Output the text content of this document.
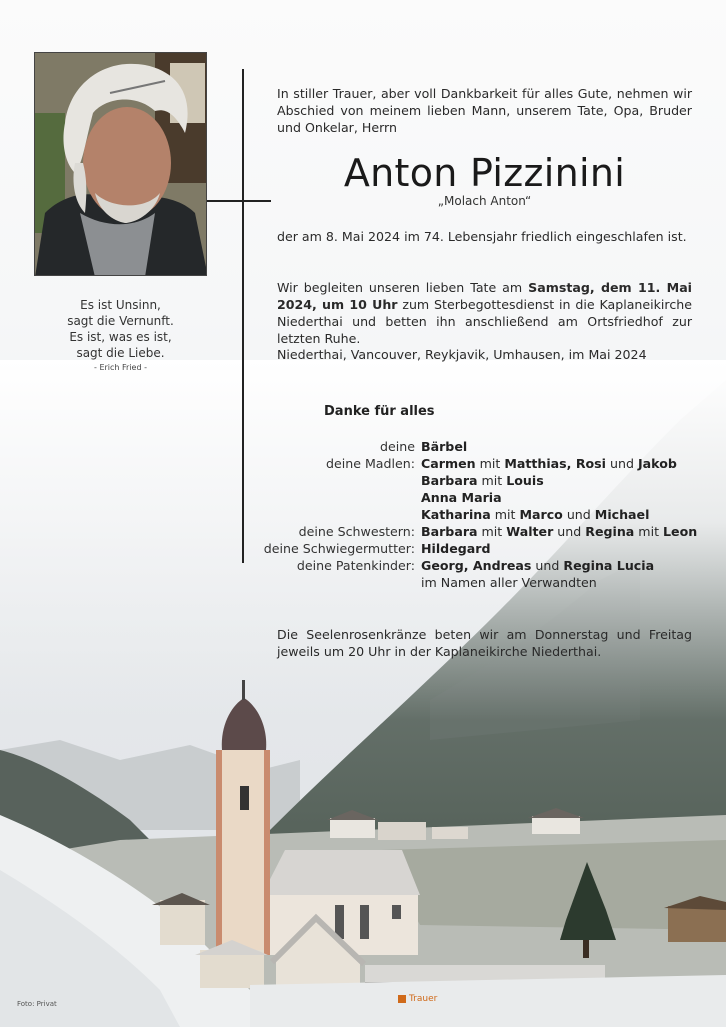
Es ist Unsinn,
sagt die Vernunft.
Es ist, was es ist,
sagt die Liebe.
- Erich Fried -
In stiller Trauer, aber voll Dankbarkeit für alles Gute, nehmen wir Abschied von meinem lieben Mann, unserem Tate, Opa, Bruder und Onkelar, Herrn
Anton Pizzinini
„Molach Anton“
der am 8. Mai 2024 im 74. Lebensjahr friedlich eingeschlafen ist.
Wir begleiten unseren lieben Tate am Samstag, dem 11. Mai 2024, um 10 Uhr zum Sterbegottesdienst in die Kaplaneikirche Niederthai und betten ihn anschließend am Ortsfriedhof zur letzten Ruhe.
Niederthai, Vancouver, Reykjavik, Umhausen, im Mai 2024
Danke für alles
deine Bärbel
deine Madlen: Carmen mit Matthias, Rosi und Jakob
Barbara mit Louis
Anna Maria
Katharina mit Marco und Michael
deine Schwestern: Barbara mit Walter und Regina mit Leon
deine Schwiegermutter: Hildegard
deine Patenkinder: Georg, Andreas und Regina Lucia
im Namen aller Verwandten
Die Seelenrosenkränze beten wir am Donnerstag und Freitag jeweils um 20 Uhr in der Kaplaneikirche Niederthai.
Foto: Privat	Trauer
